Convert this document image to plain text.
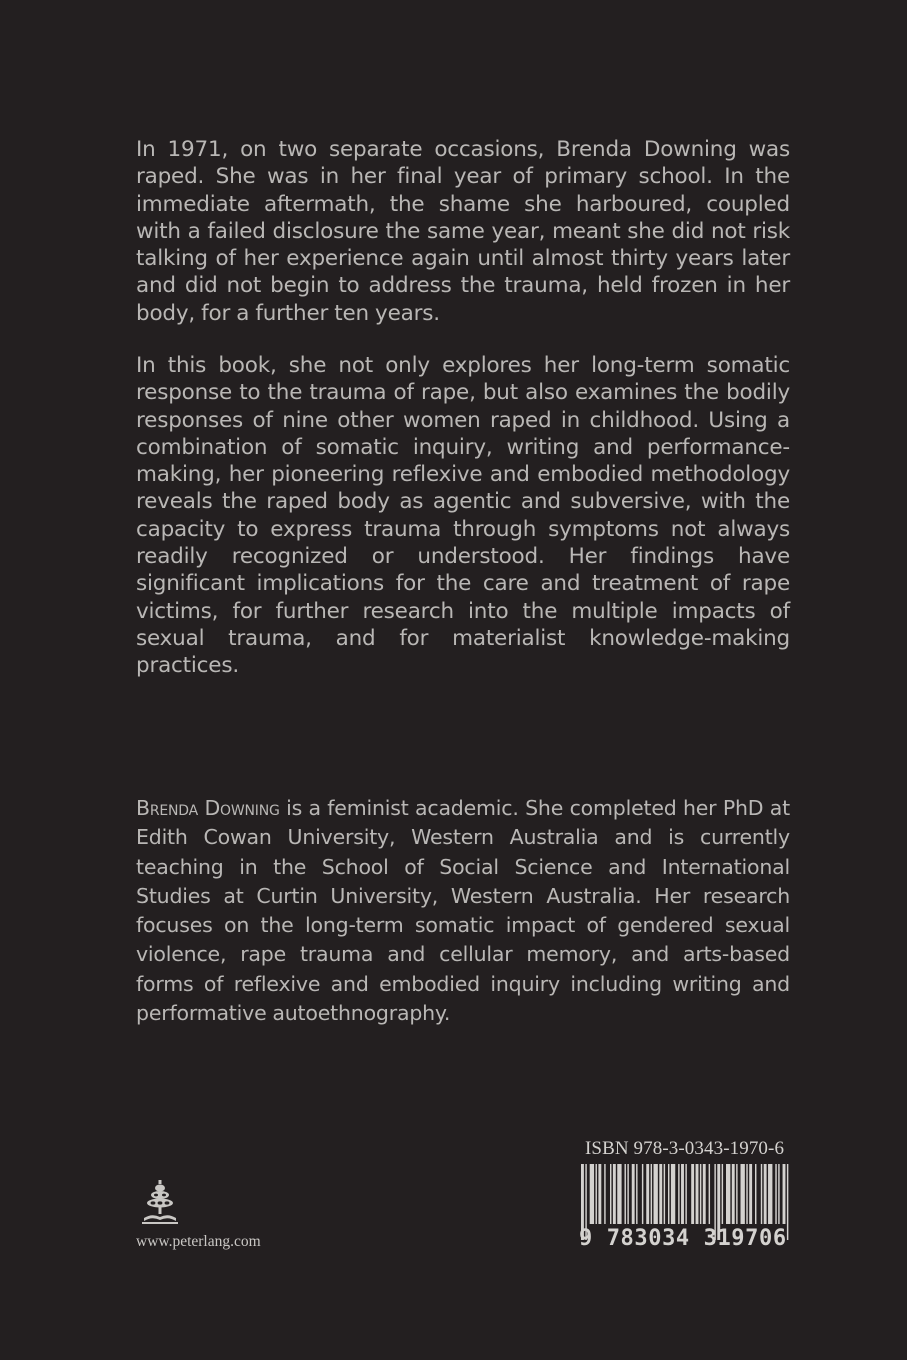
In 1971, on two separate occasions, Brenda Downing was raped. She was in her final year of primary school. In the immediate aftermath, the shame she harboured, coupled with a failed disclosure the same year, meant she did not risk talking of her experience again until almost thirty years later and did not begin to address the trauma, held frozen in her body, for a further ten years.

In this book, she not only explores her long-term somatic response to the trauma of rape, but also examines the bodily responses of nine other women raped in childhood. Using a combination of somatic inquiry, writing and performance-making, her pioneering reflexive and embodied methodology reveals the raped body as agentic and subversive, with the capacity to express trauma through symptoms not always readily recognized or understood. Her findings have significant implications for the care and treatment of rape victims, for further research into the multiple impacts of sexual trauma, and for materialist knowledge-making practices.

Brenda Downing is a feminist academic. She completed her PhD at Edith Cowan University, Western Australia and is currently teaching in the School of Social Science and International Studies at Curtin University, Western Australia. Her research focuses on the long-term somatic impact of gendered sexual violence, rape trauma and cellular memory, and arts-based forms of reflexive and embodied inquiry including writing and performative autoethnography.

www.peterlang.com
ISBN 978-3-0343-1970-6
9 783034 319706
